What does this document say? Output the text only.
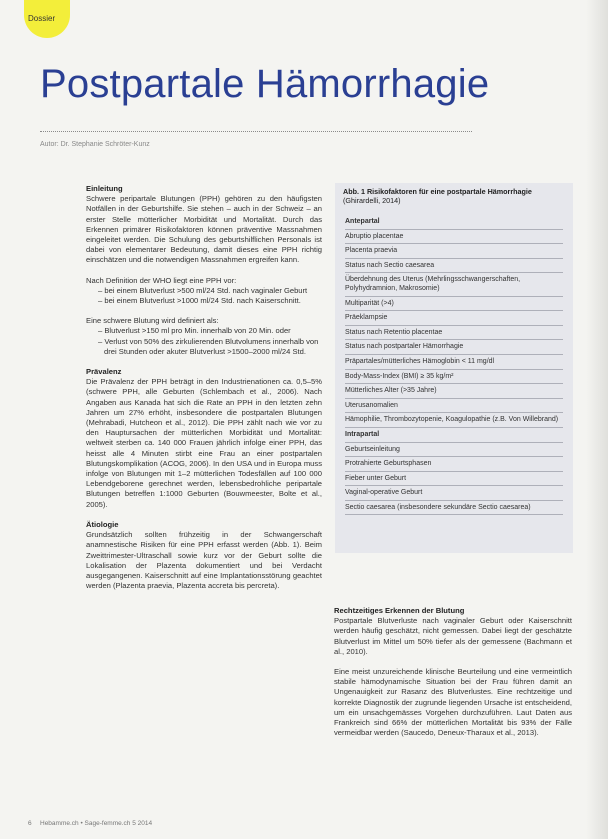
Dossier
Postpartale Hämorrhagie
Autor: Dr. Stephanie Schröter-Kunz

Einleitung

Schwere peripartale Blutungen (PPH) gehören zu den häufigsten Notfällen in der Geburtshilfe. Sie stehen – auch in der Schweiz – an erster Stelle mütterlicher Morbidität und Mortalität. Durch das Erkennen primärer Risikofaktoren können präventive Massnahmen eingeleitet werden. Die Schulung des geburtshilflichen Personals ist dabei von elementarer Bedeutung, damit dieses eine PPH richtig einschätzen und die notwendigen Massnahmen ergreifen kann.

Nach Definition der WHO liegt eine PPH vor:

– bei einem Blutverlust >500 ml/24 Std. nach vaginaler Geburt

– bei einem Blutverlust >1000 ml/24 Std. nach Kaiserschnitt.

Eine schwere Blutung wird definiert als:

– Blutverlust >150 ml pro Min. innerhalb von 20 Min. oder

– Verlust von 50% des zirkulierenden Blutvolumens innerhalb von drei Stunden oder akuter Blutverlust >1500–2000 ml/24 Std.

Prävalenz

Die Prävalenz der PPH beträgt in den Industrienationen ca. 0,5–5% (schwere PPH, alle Geburten (Schlembach et al., 2006). Nach Angaben aus Kanada hat sich die Rate an PPH in den letzten zehn Jahren um 27% erhöht, insbesondere die postpartalen Blutungen (Mehrabadi, Hutcheon et al., 2012). Die PPH zählt nach wie vor zu den Hauptursachen der mütterlichen Morbidität und Mortalität: weltweit sterben ca. 140 000 Frauen jährlich infolge einer PPH, das heisst alle 4 Minuten stirbt eine Frau an einer postpartalen Blutungskomplikation (ACOG, 2006). In den USA und in Europa muss infolge von Blutungen mit 1–2 mütterlichen Todesfällen auf 100 000 Lebendgeborene gerechnet werden, lebensbedrohliche peripartale Blutungen betreffen 1:1000 Geburten (Bouwmeester, Bolte et al., 2005).

Ätiologie

Grundsätzlich sollten frühzeitig in der Schwangerschaft anamnestische Risiken für eine PPH erfasst werden (Abb. 1). Beim Zweittrimester-Ultraschall sowie kurz vor der Geburt sollte die Lokalisation der Plazenta dokumentiert und bei Verdacht ausgegangenen. Kaiserschnitt auf eine Implantationsstörung geachtet werden (Plazenta praevia, Plazenta accreta bis percreta).

Abb. 1 Risikofaktoren für eine postpartale Hämorrhagie (Ghirardelli, 2014)
Antepartal
Abruptio placentae
Placenta praevia
Status nach Sectio caesarea
Überdehnung des Uterus (Mehrlingsschwangerschaften, Polyhydramnion, Makrosomie)
Multiparität (>4)
Präeklampsie
Status nach Retentio placentae
Status nach postpartaler Hämorrhagie
Präpartales/mütterliches Hämoglobin < 11 mg/dl
Body-Mass-Index (BMI) ≥ 35 kg/m²
Mütterliches Alter (>35 Jahre)
Uterusanomalien
Hämophilie, Thrombozytopenie, Koagulopathie (z.B. Von Willebrand)
Intrapartal
Geburtseinleitung
Protrahierte Geburtsphasen
Fieber unter Geburt
Vaginal-operative Geburt
Sectio caesarea (insbesondere sekundäre Sectio caesarea)

Rechtzeitiges Erkennen der Blutung

Postpartale Blutverluste nach vaginaler Geburt oder Kaiserschnitt werden häufig geschätzt, nicht gemessen. Dabei liegt der geschätzte Blutverlust im Mittel um 50% tiefer als der gemessene (Bachmann et al., 2010).

Eine meist unzureichende klinische Beurteilung und eine vermeintlich stabile hämodynamische Situation bei der Frau führen damit an Ungenauigkeit zur Rasanz des Blutverlustes. Eine rechtzeitige und korrekte Diagnostik der zugrunde liegenden Ursache ist entscheidend, um ein unsachgemässes Vorgehen durchzuführen. Laut Daten aus Frankreich sind 66% der mütterlichen Mortalität bis 93% der Fälle vermeidbar werden (Saucedo, Deneux-Tharaux et al., 2013).

6 Hebamme.ch • Sage-femme.ch 5 2014
